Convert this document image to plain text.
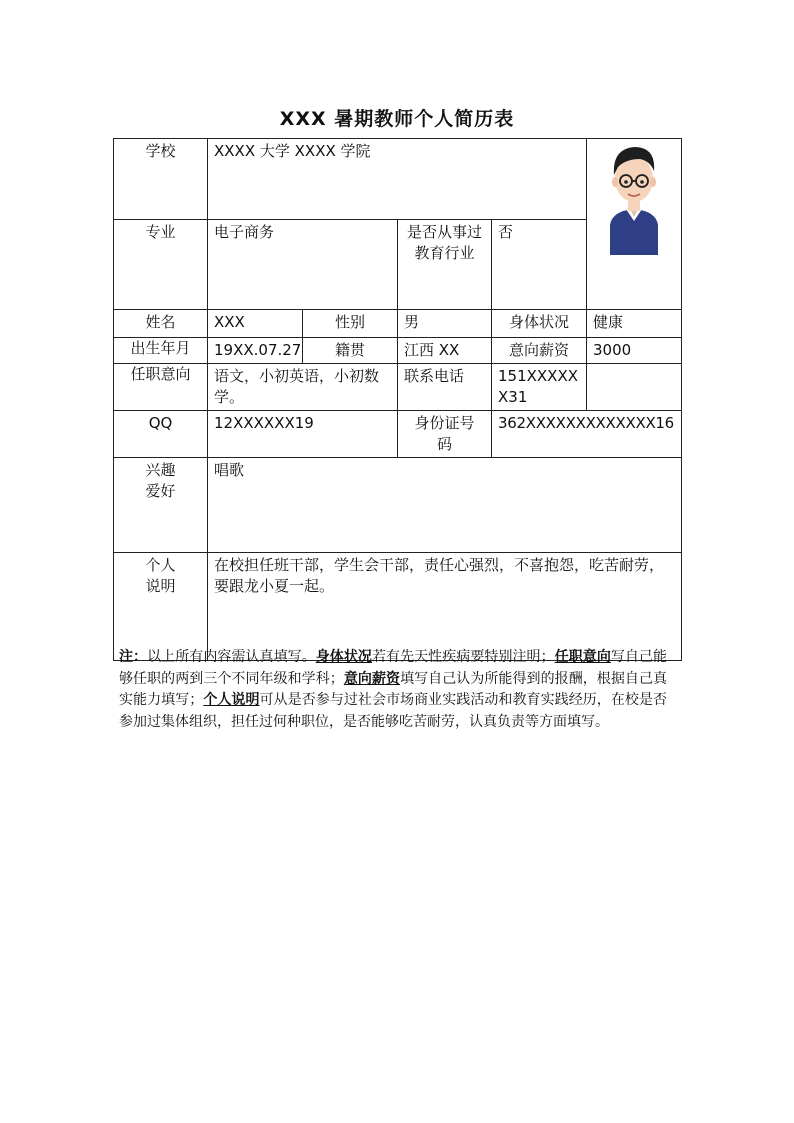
XXX 暑期教师个人简历表
学校	XXXX 大学 XXXX 学院	
专业	电子商务		是否从事过教育行业	否	
姓名	XXX	性别	男	身体状况	健康
出生年月	19XX.07.27	籍贯	江西 XX	意向薪资	3000
任职意向	语文，小初英语，小初数学。		联系电话	151XXXXXX31	
QQ	12XXXXXX19		身份证号码	362XXXXXXXXXXXXX16	
兴趣爱好	唱歌				
个人说明	在校担任班干部，学生会干部，责任心强烈，不喜抱怨，吃苦耐劳，要跟龙小夏一起。				
注：以上所有内容需认真填写。身体状况若有先天性疾病要特别注明；任职意向写自己能够任职的两到三个不同年级和学科；意向薪资填写自己认为所能得到的报酬，根据自己真实能力填写；个人说明可从是否参与过社会市场商业实践活动和教育实践经历，在校是否参加过集体组织，担任过何种职位，是否能够吃苦耐劳，认真负责等方面填写。
